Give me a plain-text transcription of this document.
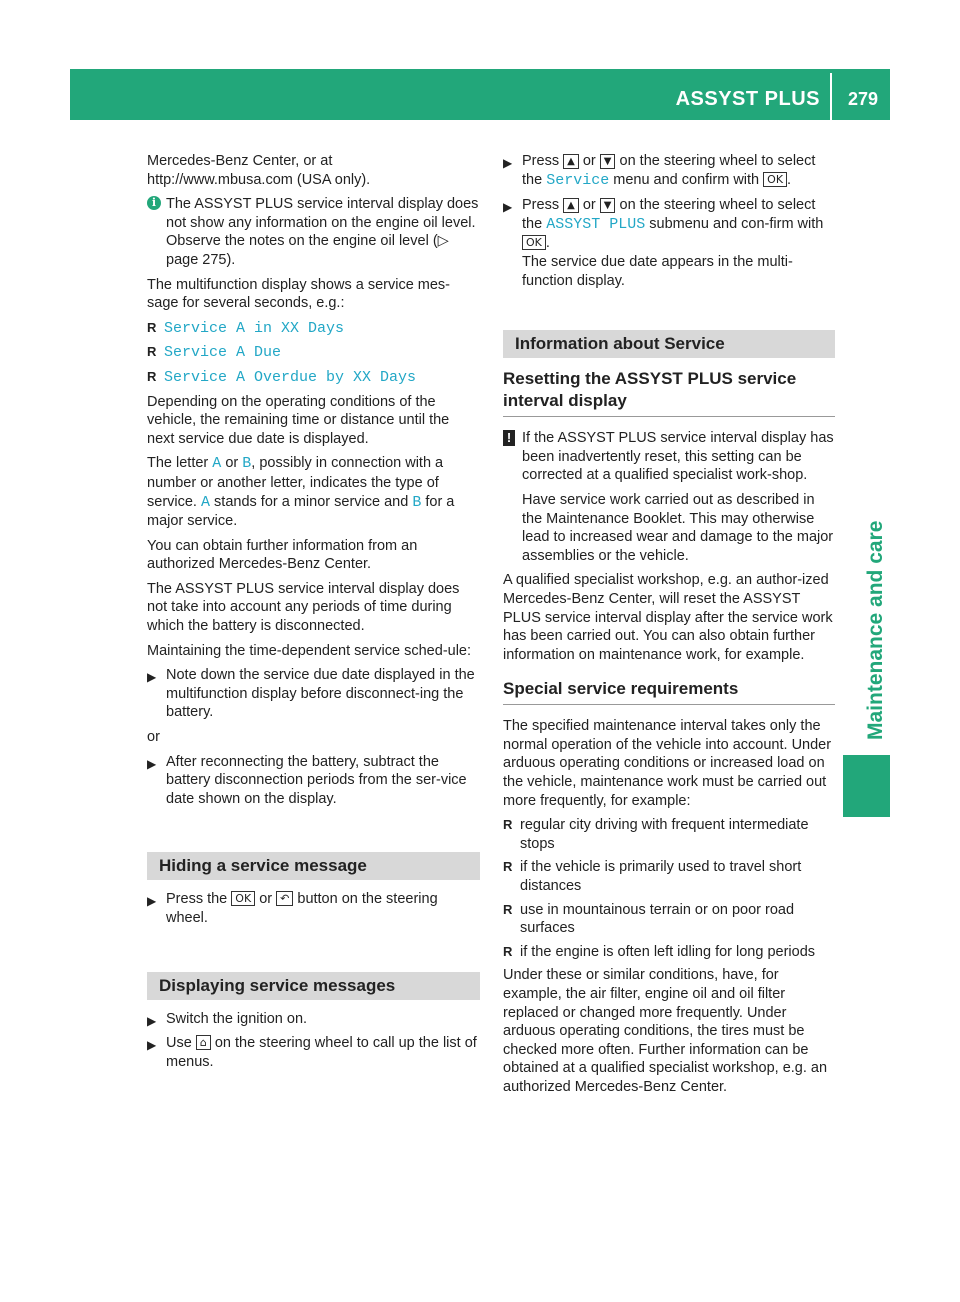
ASSYST PLUS 279
Maintenance and care
Mercedes-Benz Center, or at
http://www.mbusa.com (USA only).
i The ASSYST PLUS service interval display does not show any information on the engine oil level. Observe the notes on the engine oil level (▷ page 275).

The multifunction display shows a service mes-sage for several seconds, e.g.:

R Service A in XX Days
R Service A Due
R Service A Overdue by XX Days

Depending on the operating conditions of the vehicle, the remaining time or distance until the next service due date is displayed.

The letter A or B, possibly in connection with a number or another letter, indicates the type of service. A stands for a minor service and B for a major service.

You can obtain further information from an authorized Mercedes-Benz Center.

The ASSYST PLUS service interval display does not take into account any periods of time during which the battery is disconnected.

Maintaining the time-dependent service sched-ule:

▶ Note down the service due date displayed in the multifunction display before disconnect-ing the battery.

or

▶ After reconnecting the battery, subtract the battery disconnection periods from the ser-vice date shown on the display.
Hiding a service message
▶ Press the OK or ↶ button on the steering wheel.
Displaying service messages
▶ Switch the ignition on.
▶ Use ⌂ on the steering wheel to call up the list of menus.
▶ Press ▲ or ▼ on the steering wheel to select the Service menu and confirm with OK .
▶ Press ▲ or ▼ on the steering wheel to select the ASSYST PLUS submenu and con-firm with OK .
The service due date appears in the multi-function display.
Information about Service
Resetting the ASSYST PLUS service interval display
! If the ASSYST PLUS service interval display has been inadvertently reset, this setting can be corrected at a qualified specialist work-shop.

Have service work carried out as described in the Maintenance Booklet. This may otherwise lead to increased wear and damage to the major assemblies or the vehicle.

A qualified specialist workshop, e.g. an author-ized Mercedes-Benz Center, will reset the ASSYST PLUS service interval display after the service work has been carried out. You can also obtain further information on maintenance work, for example.

Special service requirements

The specified maintenance interval takes only the normal operation of the vehicle into account. Under arduous operating conditions or increased load on the vehicle, maintenance work must be carried out more frequently, for example:

R regular city driving with frequent intermediate stops
R if the vehicle is primarily used to travel short distances
R use in mountainous terrain or on poor road surfaces
R if the engine is often left idling for long periods

Under these or similar conditions, have, for example, the air filter, engine oil and oil filter replaced or changed more frequently. Under arduous operating conditions, the tires must be checked more often. Further information can be obtained at a qualified specialist workshop, e.g. an authorized Mercedes-Benz Center.
